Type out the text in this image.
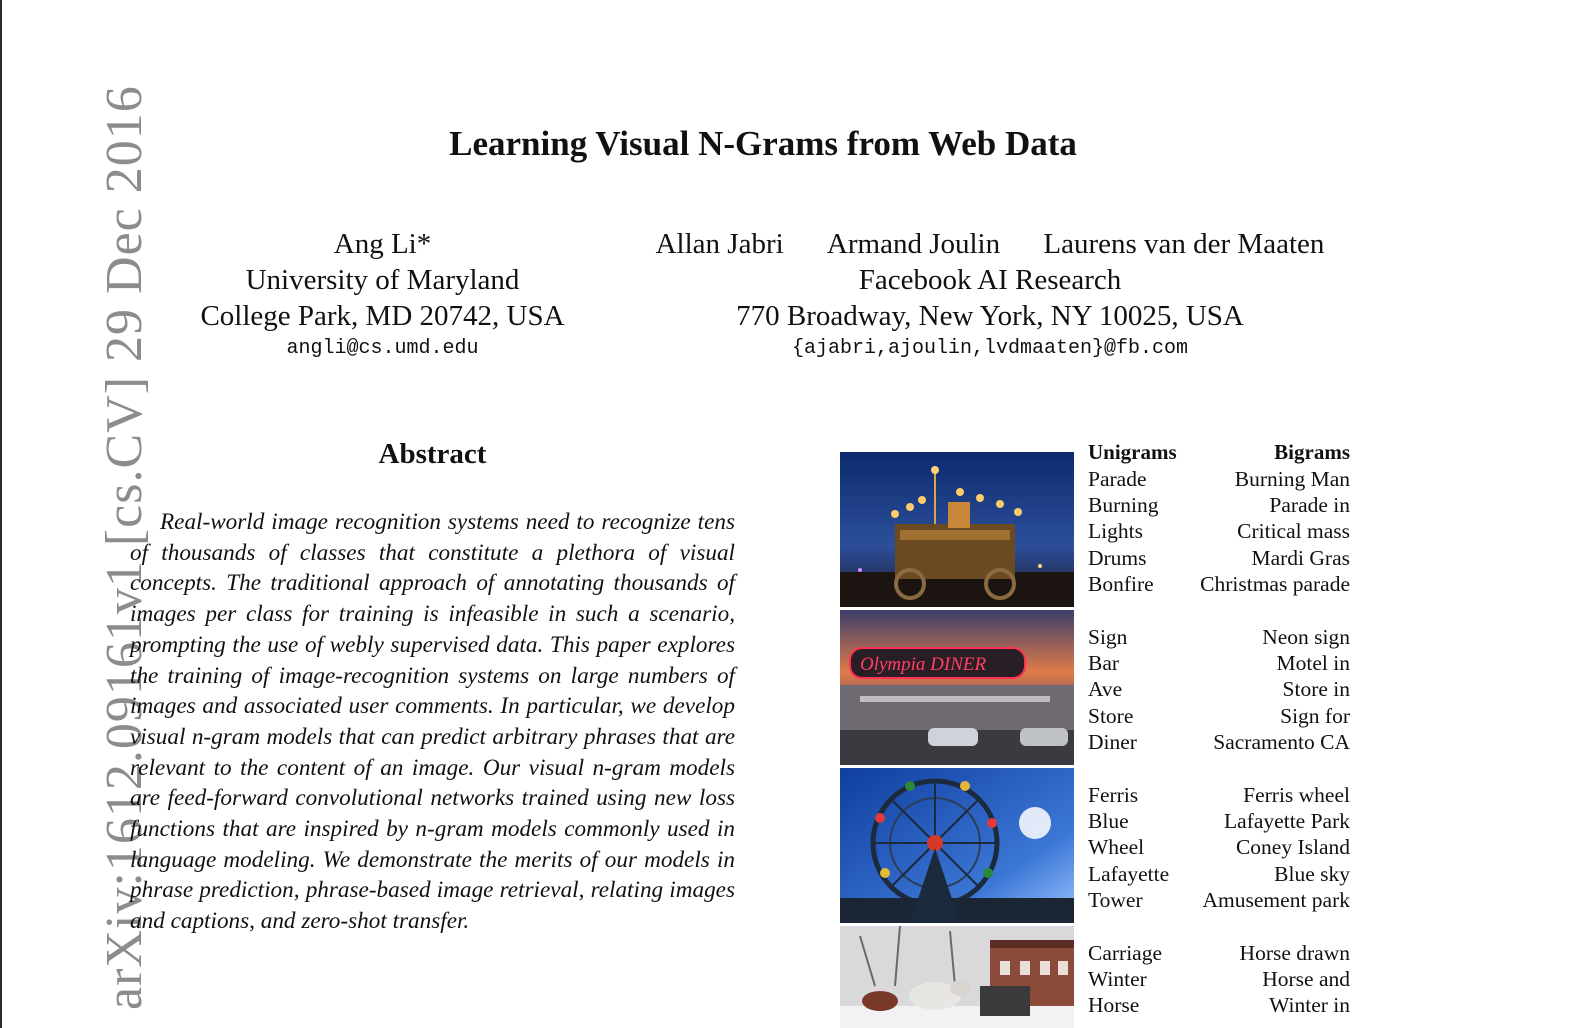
arXiv:1612.09161v1 [cs.CV] 29 Dec 2016	Learning Visual N-Grams from Web Data
Ang Li*
University of Maryland
College Park, MD 20742, USA
angli@cs.umd.edu
Allan Jabri Armand Joulin Laurens van der Maaten
Facebook AI Research
770 Broadway, New York, NY 10025, USA
{ajabri,ajoulin,lvdmaaten}@fb.com
Abstract
Real-world image recognition systems need to recognize tens of thousands of classes that constitute a plethora of visual concepts. The traditional approach of annotating thousands of images per class for training is infeasible in such a scenario, prompting the use of webly supervised data. This paper explores the training of image-recognition systems on large numbers of images and associated user comments. In particular, we develop visual n-gram models that can predict arbitrary phrases that are relevant to the content of an image. Our visual n-gram models are feed-forward convolutional networks trained using new loss functions that are inspired by n-gram models commonly used in language modeling. We demonstrate the merits of our models in phrase prediction, phrase-based image retrieval, relating images and captions, and zero-shot transfer.
Unigrams	Bigrams
Parade
Burning
Lights
Drums
Bonfire
Burning Man
Parade in
Critical mass
Mardi Gras
Christmas parade
Olympia DINER
Sign
Bar
Ave
Store
Diner
Neon sign
Motel in
Store in
Sign for
Sacramento CA
Ferris
Blue
Wheel
Lafayette
Tower
Ferris wheel
Lafayette Park
Coney Island
Blue sky
Amusement park
Carriage
Winter
Horse
Horse drawn
Horse and
Winter in
